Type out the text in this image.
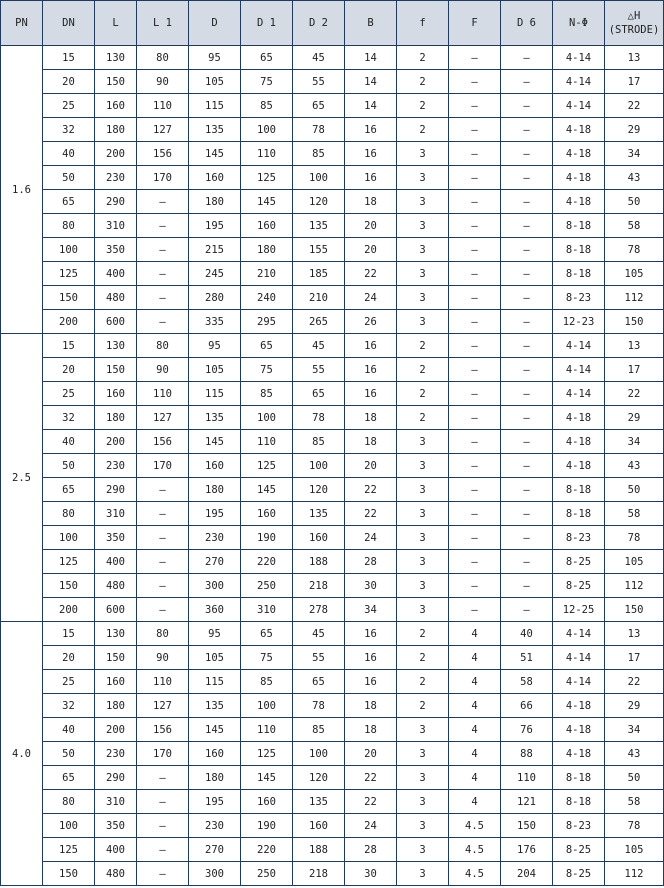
PN	DN	L	L 1	D	D 1	D 2	B	f	F	D 6	N-Φ	△H
(STRODE)

1.6	15	130	80	95	65	45	14	2	–	–	4-14	13
	20	150	90	105	75	55	14	2	–	–	4-14	17
	25	160	110	115	85	65	14	2	–	–	4-14	22
	32	180	127	135	100	78	16	2	–	–	4-18	29
	40	200	156	145	110	85	16	3	–	–	4-18	34
	50	230	170	160	125	100	16	3	–	–	4-18	43
	65	290	–	180	145	120	18	3	–	–	4-18	50
	80	310	–	195	160	135	20	3	–	–	8-18	58
	100	350	–	215	180	155	20	3	–	–	8-18	78
	125	400	–	245	210	185	22	3	–	–	8-18	105
	150	480	–	280	240	210	24	3	–	–	8-23	112
	200	600	–	335	295	265	26	3	–	–	12-23	150
2.5	15	130	80	95	65	45	16	2	–	–	4-14	13
	20	150	90	105	75	55	16	2	–	–	4-14	17
	25	160	110	115	85	65	16	2	–	–	4-14	22
	32	180	127	135	100	78	18	2	–	–	4-18	29
	40	200	156	145	110	85	18	3	–	–	4-18	34
	50	230	170	160	125	100	20	3	–	–	4-18	43
	65	290	–	180	145	120	22	3	–	–	8-18	50
	80	310	–	195	160	135	22	3	–	–	8-18	58
	100	350	–	230	190	160	24	3	–	–	8-23	78
	125	400	–	270	220	188	28	3	–	–	8-25	105
	150	480	–	300	250	218	30	3	–	–	8-25	112
	200	600	–	360	310	278	34	3	–	–	12-25	150
4.0	15	130	80	95	65	45	16	2	4	40	4-14	13
	20	150	90	105	75	55	16	2	4	51	4-14	17
	25	160	110	115	85	65	16	2	4	58	4-14	22
	32	180	127	135	100	78	18	2	4	66	4-18	29
	40	200	156	145	110	85	18	3	4	76	4-18	34
	50	230	170	160	125	100	20	3	4	88	4-18	43
	65	290	–	180	145	120	22	3	4	110	8-18	50
	80	310	–	195	160	135	22	3	4	121	8-18	58
	100	350	–	230	190	160	24	3	4.5	150	8-23	78
	125	400	–	270	220	188	28	3	4.5	176	8-25	105
	150	480	–	300	250	218	30	3	4.5	204	8-25	112
